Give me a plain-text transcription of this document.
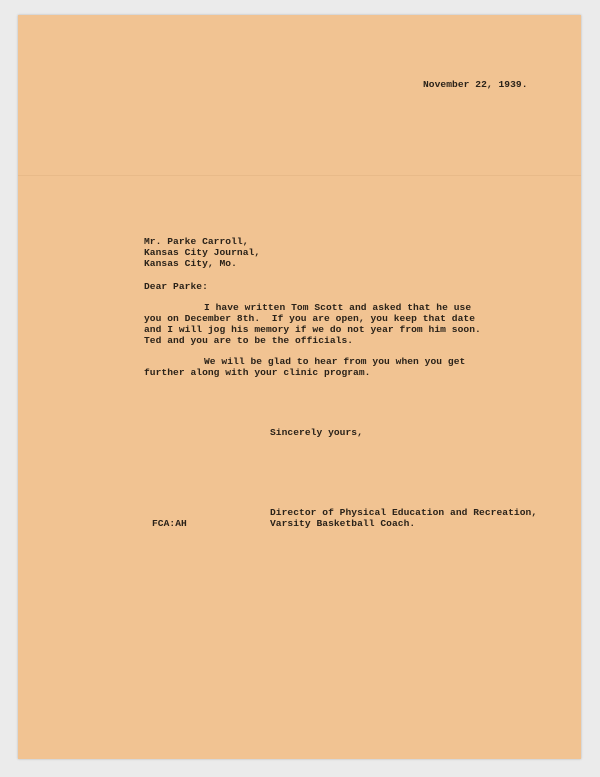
November 22, 1939.

Mr. Parke Carroll,

Kansas City Journal,

Kansas City, Mo.

Dear Parke:

I have written Tom Scott and asked that he use

you on December 8th.  If you are open, you keep that date

and I will jog his memory if we do not year from him soon.

Ted and you are to be the officials.

We will be glad to hear from you when you get

further along with your clinic program.

Sincerely yours,

Director of Physical Education and Recreation,

FCA:AH	Varsity Basketball Coach.
